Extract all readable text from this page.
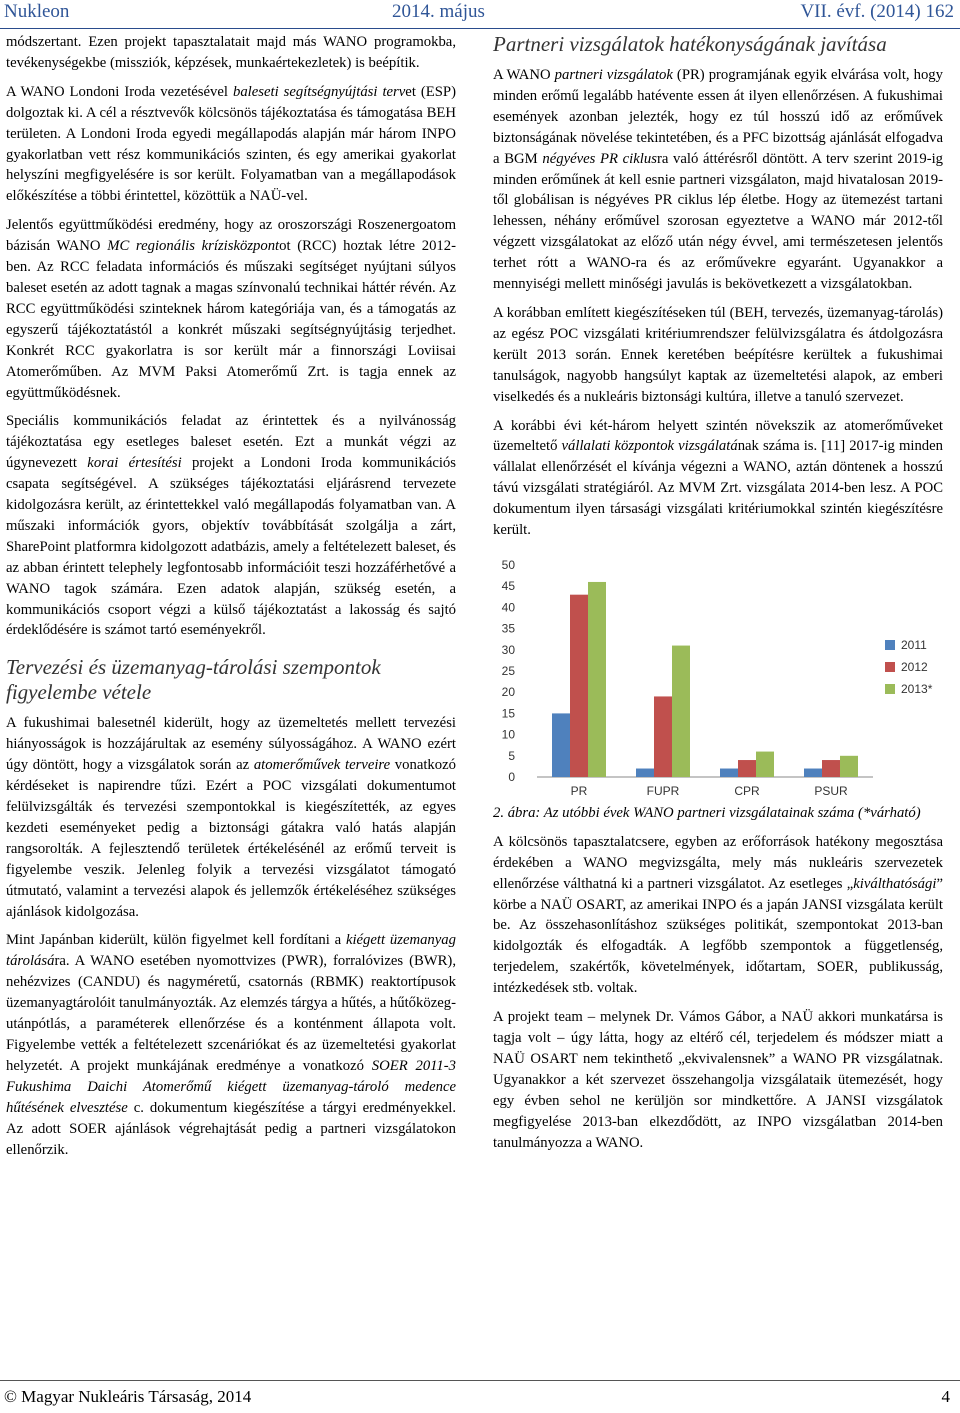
Nukleon	2014. május	VII. évf. (2014) 162

módszertant. Ezen projekt tapasztalatait majd más WANO programokba, tevékenységekbe (missziók, képzések, munkaértekezletek) is beépítik.

A WANO Londoni Iroda vezetésével baleseti segítségnyújtási tervet (ESP) dolgoztak ki. A cél a résztvevők kölcsönös tájékoztatása és támogatása BEH területen. A Londoni Iroda egyedi megállapodás alapján már három INPO gyakorlatban vett rész kommunikációs szinten, és egy amerikai gyakorlat helyszíni megfigyelésére is sor került. Folyamatban van a megállapodások előkészítése a többi érintettel, közöttük a NAÜ-vel.

Jelentős együttműködési eredmény, hogy az oroszországi Roszenergoatom bázisán WANO MC regionális krízisközpontot (RCC) hoztak létre 2012-ben. Az RCC feladata információs és műszaki segítséget nyújtani súlyos baleset esetén az adott tagnak a magas színvonalú technikai háttér révén. Az RCC együttműködési szinteknek három kategóriája van, és a támogatás az egyszerű tájékoztatástól a konkrét műszaki segítségnyújtásig terjedhet. Konkrét RCC gyakorlatra is sor került már a finnországi Loviisai Atomerőműben. Az MVM Paksi Atomerőmű Zrt. is tagja ennek az együttműködésnek.

Speciális kommunikációs feladat az érintettek és a nyilvánosság tájékoztatása egy esetleges baleset esetén. Ezt a munkát végzi az úgynevezett korai értesítési projekt a Londoni Iroda kommunikációs csapata segítségével. A szükséges tájékoztatási eljárásrend tervezete kidolgozásra került, az érintettekkel való megállapodás folyamatban van. A műszaki információk gyors, objektív továbbítását szolgálja a zárt, SharePoint platformra kidolgozott adatbázis, amely a feltételezett baleset, és az abban érintett telephely legfontosabb információit teszi hozzáférhetővé a WANO tagok számára. Ezen adatok alapján, szükség esetén, a kommunikációs csoport végzi a külső tájékoztatást a lakosság és sajtó érdeklődésére is számot tartó eseményekről.

Tervezési és üzemanyag-tárolási szempontok figyelembe vétele

A fukushimai balesetnél kiderült, hogy az üzemeltetés mellett tervezési hiányosságok is hozzájárultak az esemény súlyosságához. A WANO ezért úgy döntött, hogy a vizsgálatok során az atomerőművek terveire vonatkozó kérdéseket is napirendre tűzi. Ezért a POC vizsgálati dokumentumot felülvizsgálták és tervezési szempontokkal is kiegészítették, az egyes kezdeti eseményeket pedig a biztonsági gátakra való hatás alapján rangsorolták. A fejlesztendő területek értékelésénél az erőmű terveit is figyelembe veszik. Jelenleg folyik a tervezési vizsgálatot támogató útmutató, valamint a tervezési alapok és jellemzők értékeléséhez szükséges ajánlások kidolgozása.

Mint Japánban kiderült, külön figyelmet kell fordítani a kiégett üzemanyag tárolására. A WANO esetében nyomottvizes (PWR), forralóvizes (BWR), nehézvizes (CANDU) és nagyméretű, csatornás (RBMK) reaktortípusok üzemanyagtárolóit tanulmányozták. Az elemzés tárgya a hűtés, a hűtőközeg-utánpótlás, a paraméterek ellenőrzése és a konténment állapota volt. Figyelembe vették a feltételezett szcenáriókat és az üzemeltetési gyakorlat helyzetét. A projekt munkájának eredménye a vonatkozó SOER 2011-3 Fukushima Daichi Atomerőmű kiégett üzemanyag-tároló medence hűtésének elvesztése c. dokumentum kiegészítése a tárgyi eredményekkel. Az adott SOER ajánlások végrehajtását pedig a partneri vizsgálatokon ellenőrzik.

Partneri vizsgálatok hatékonyságának javítása

A WANO partneri vizsgálatok (PR) programjának egyik elvárása volt, hogy minden erőmű legalább hatévente essen át ilyen ellenőrzésen. A fukushimai események azonban jelezték, hogy ez túl hosszú idő az erőművek biztonságának növelése tekintetében, és a PFC bizottság ajánlását elfogadva a BGM négyéves PR ciklusra való áttérésről döntött. A terv szerint 2019-ig minden erőműnek át kell esnie partneri vizsgálaton, majd hivatalosan 2019-től globálisan is négyéves PR ciklus lép életbe. Hogy az ütemezést tartani lehessen, néhány erőművel szorosan egyeztetve a WANO már 2012-től végzett vizsgálatokat az előző után négy évvel, ami természetesen jelentős terhet rótt a WANO-ra és az erőművekre egyaránt. Ugyanakkor a mennyiségi mellett minőségi javulás is bekövetkezett a vizsgálatokban.

A korábban említett kiegészítéseken túl (BEH, tervezés, üzemanyag-tárolás) az egész POC vizsgálati kritériumrendszer felülvizsgálatra és átdolgozásra került 2013 során. Ennek keretében beépítésre kerültek a fukushimai tanulságok, nagyobb hangsúlyt kaptak az üzemeltetési alapok, az emberi viselkedés és a nukleáris biztonsági kultúra, illetve a tanuló szervezet.

A korábbi évi két-három helyett szintén növekszik az atomerőműveket üzemeltető vállalati központok vizsgálatának száma is. [11] 2017-ig minden vállalat ellenőrzését el kívánja végezni a WANO, aztán döntenek a hosszú távú vizsgálati stratégiáról. Az MVM Zrt. vizsgálata 2014-ben lesz. A POC dokumentum ilyen társasági vizsgálati kritériumokkal szintén kiegészítésre került.

0
5
10
15
20
25
30
35
40
45
50
PR	FUPR	CPR	PSUR
2011
2012
2013*
2. ábra: Az utóbbi évek WANO partneri vizsgálatainak száma (*várható)

A kölcsönös tapasztalatcsere, egyben az erőforrások hatékony megosztása érdekében a WANO megvizsgálta, mely más nukleáris szervezetek ellenőrzése válthatná ki a partneri vizsgálatot. Az esetleges „kiválthatósági” körbe a NAÜ OSART, az amerikai INPO és a japán JANSI vizsgálata került be. Az összehasonlításhoz szükséges politikát, szempontokat 2013-ban kidolgozták és elfogadták. A legfőbb szempontok a függetlenség, terjedelem, szakértők, követelmények, időtartam, SOER, publikusság, intézkedések stb. voltak.

A projekt team – melynek Dr. Vámos Gábor, a NAÜ akkori munkatársa is tagja volt – úgy látta, hogy az eltérő cél, terjedelem és módszer miatt a NAÜ OSART nem tekinthető „ekvivalensnek” a WANO PR vizsgálatnak. Ugyanakkor a két szervezet összehangolja vizsgálataik ütemezését, hogy egy évben sehol ne kerüljön sor mindkettőre. A JANSI vizsgálatok megfigyelése 2013-ban elkezdődött, az INPO vizsgálatban 2014-ben tanulmányozza a WANO.

© Magyar Nukleáris Társaság, 2014	4
